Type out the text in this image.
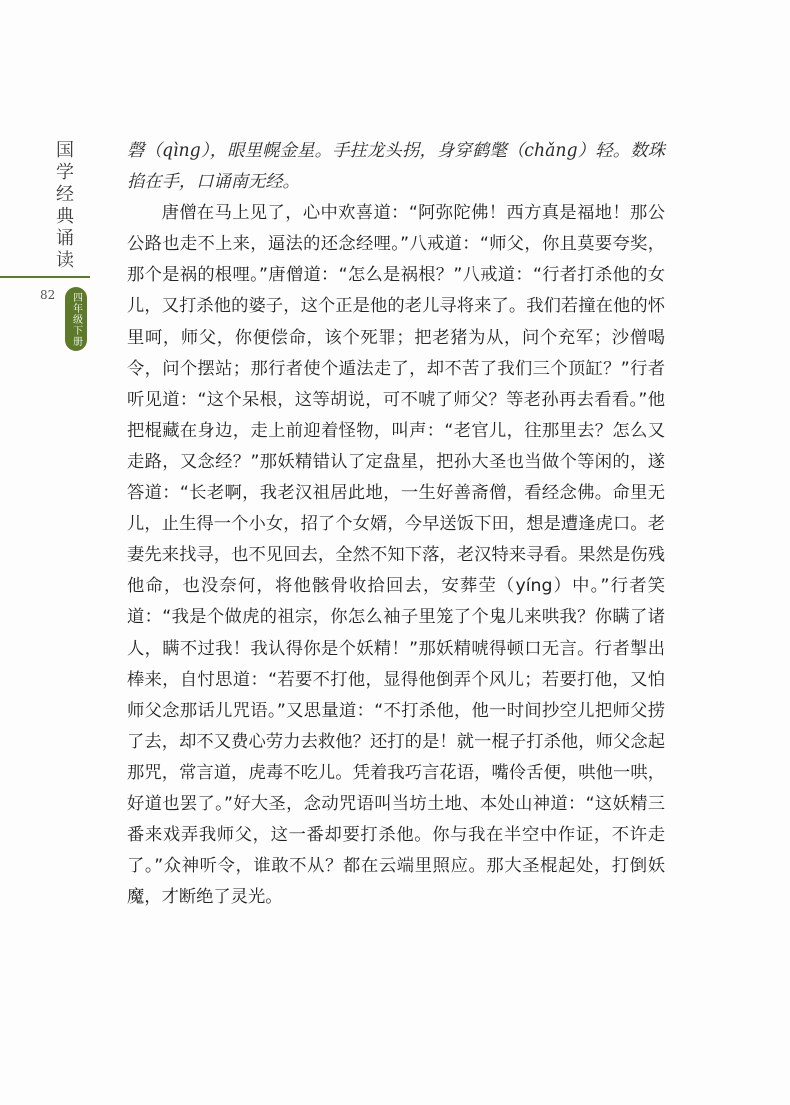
国学经典诵读
82	四年级下册

磬（qìng），眼里幌金星。手拄龙头拐，身穿鹤氅（chǎng）轻。数珠掐在手，口诵南无经。

唐僧在马上见了，心中欢喜道：“阿弥陀佛！西方真是福地！那公公路也走不上来，逼法的还念经哩。”八戒道：“师父，你且莫要夸奖，那个是祸的根哩。”唐僧道：“怎么是祸根？”八戒道：“行者打杀他的女儿，又打杀他的婆子，这个正是他的老儿寻将来了。我们若撞在他的怀里呵，师父，你便偿命，该个死罪；把老猪为从，问个充军；沙僧喝令，问个摆站；那行者使个遁法走了，却不苦了我们三个顶缸？”行者听见道：“这个呆根，这等胡说，可不唬了师父？等老孙再去看看。”他把棍藏在身边，走上前迎着怪物，叫声：“老官儿，往那里去？怎么又走路，又念经？”那妖精错认了定盘星，把孙大圣也当做个等闲的，遂答道：“长老啊，我老汉祖居此地，一生好善斋僧，看经念佛。命里无儿，止生得一个小女，招了个女婿，今早送饭下田，想是遭逢虎口。老妻先来找寻，也不见回去，全然不知下落，老汉特来寻看。果然是伤残他命，也没奈何，将他骸骨收拾回去，安葬茔（yíng）中。”行者笑道：“我是个做虎的祖宗，你怎么袖子里笼了个鬼儿来哄我？你瞒了诸人，瞒不过我！我认得你是个妖精！”那妖精唬得顿口无言。行者掣出棒来，自忖思道：“若要不打他，显得他倒弄个风儿；若要打他，又怕师父念那话儿咒语。”又思量道：“不打杀他，他一时间抄空儿把师父捞了去，却不又费心劳力去救他？还打的是！就一棍子打杀他，师父念起那咒，常言道，虎毒不吃儿。凭着我巧言花语，嘴伶舌便，哄他一哄，好道也罢了。”好大圣，念动咒语叫当坊土地、本处山神道：“这妖精三番来戏弄我师父，这一番却要打杀他。你与我在半空中作证，不许走了。”众神听令，谁敢不从？都在云端里照应。那大圣棍起处，打倒妖魔，才断绝了灵光。
